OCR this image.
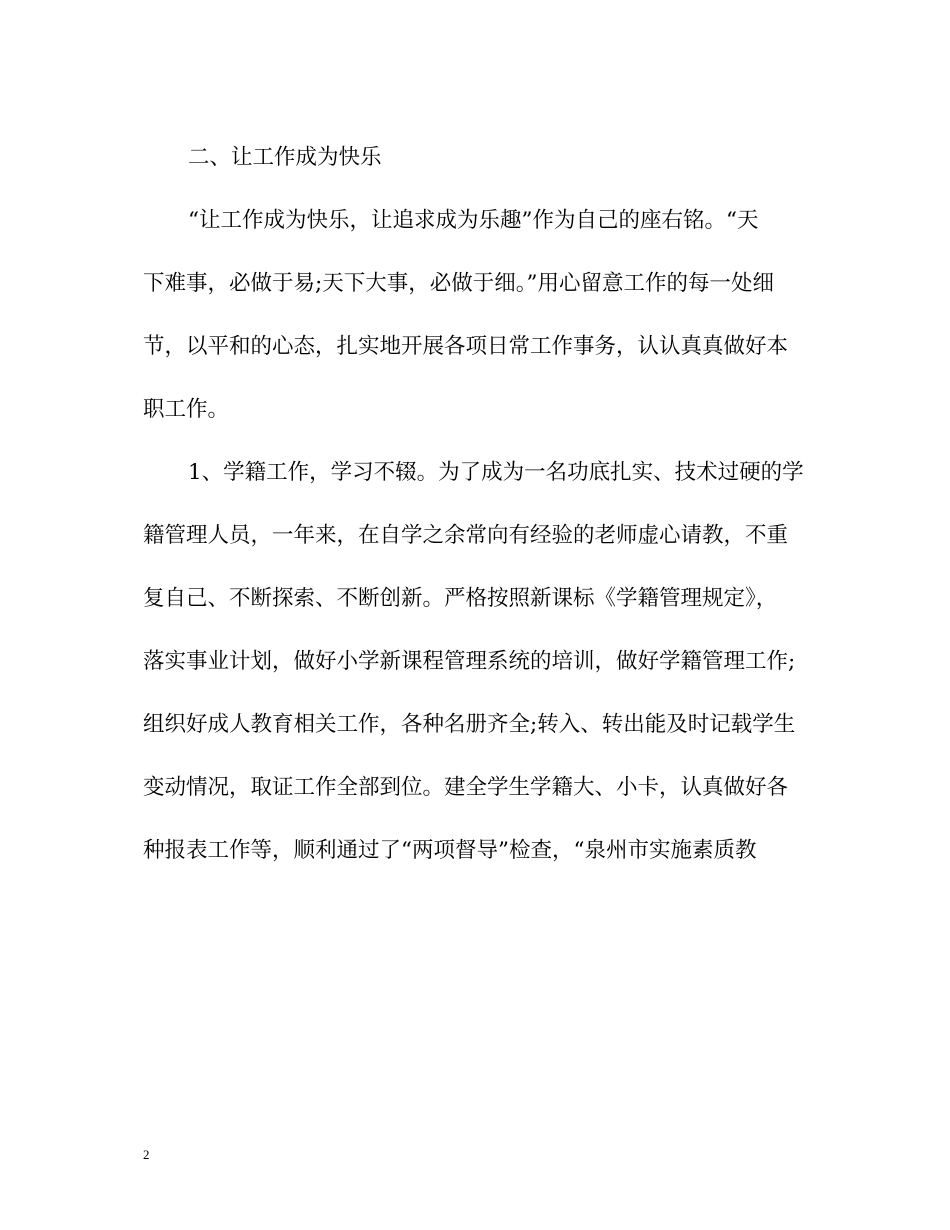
二、让工作成为快乐
“让工作成为快乐，让追求成为乐趣”作为自己的座右铭。“天
下难事，必做于易;天下大事，必做于细。”用心留意工作的每一处细
节，以平和的心态，扎实地开展各项日常工作事务，认认真真做好本
职工作。
1、学籍工作，学习不辍。为了成为一名功底扎实、技术过硬的学
籍管理人员，一年来，在自学之余常向有经验的老师虚心请教，不重
复自己、不断探索、不断创新。严格按照新课标《学籍管理规定》，
落实事业计划，做好小学新课程管理系统的培训，做好学籍管理工作;
组织好成人教育相关工作，各种名册齐全;转入、转出能及时记载学生
变动情况，取证工作全部到位。建全学生学籍大、小卡，认真做好各
种报表工作等，顺利通过了“两项督导”检查，“泉州市实施素质教
2
